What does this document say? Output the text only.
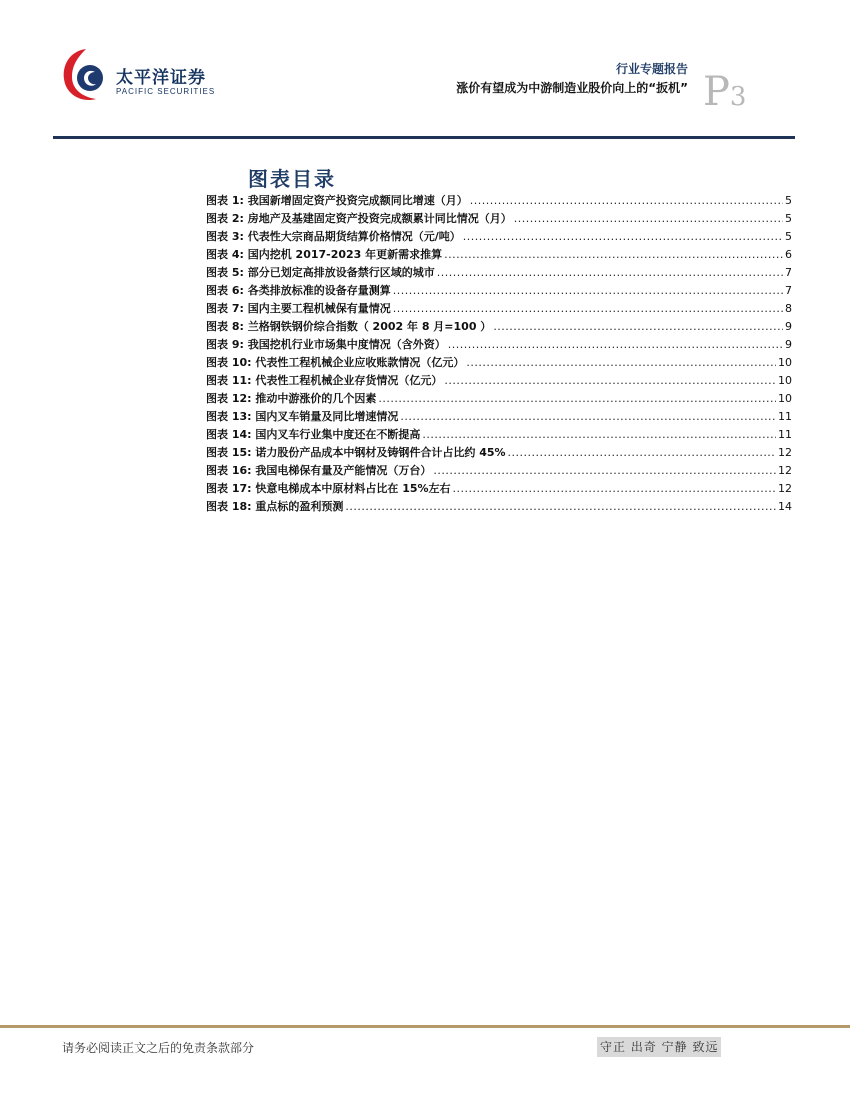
太平洋证券
PACIFIC SECURITIES
行业专题报告
涨价有望成为中游制造业股价向上的“扳机” P3
图表目录
图表 1: 我国新增固定资产投资完成额同比增速（月） .....	5
图表 2: 房地产及基建固定资产投资完成额累计同比情况（月） .....	5
图表 3: 代表性大宗商品期货结算价格情况（元/吨） .....	5
图表 4: 国内挖机 2017-2023 年更新需求推算 .....	6
图表 5: 部分已划定高排放设备禁行区域的城市 .....	7
图表 6: 各类排放标准的设备存量测算 .....	7
图表 7: 国内主要工程机械保有量情况 .....	8
图表 8: 兰格钢铁钢价综合指数（ 2002 年 8 月=100 ） .....	9
图表 9: 我国挖机行业市场集中度情况（含外资） .....	9
图表 10: 代表性工程机械企业应收账款情况（亿元） .....	10
图表 11: 代表性工程机械企业存货情况（亿元） .....	10
图表 12: 推动中游涨价的几个因素 .....	10
图表 13: 国内叉车销量及同比增速情况 .....	11
图表 14: 国内叉车行业集中度还在不断提高 .....	11
图表 15: 诺力股份产品成本中钢材及铸钢件合计占比约 45% .....	12
图表 16: 我国电梯保有量及产能情况（万台） .....	12
图表 17: 快意电梯成本中原材料占比在 15%左右 .....	12
图表 18: 重点标的盈利预测 .....	14
请务必阅读正文之后的免责条款部分	守正 出奇 宁静 致远
